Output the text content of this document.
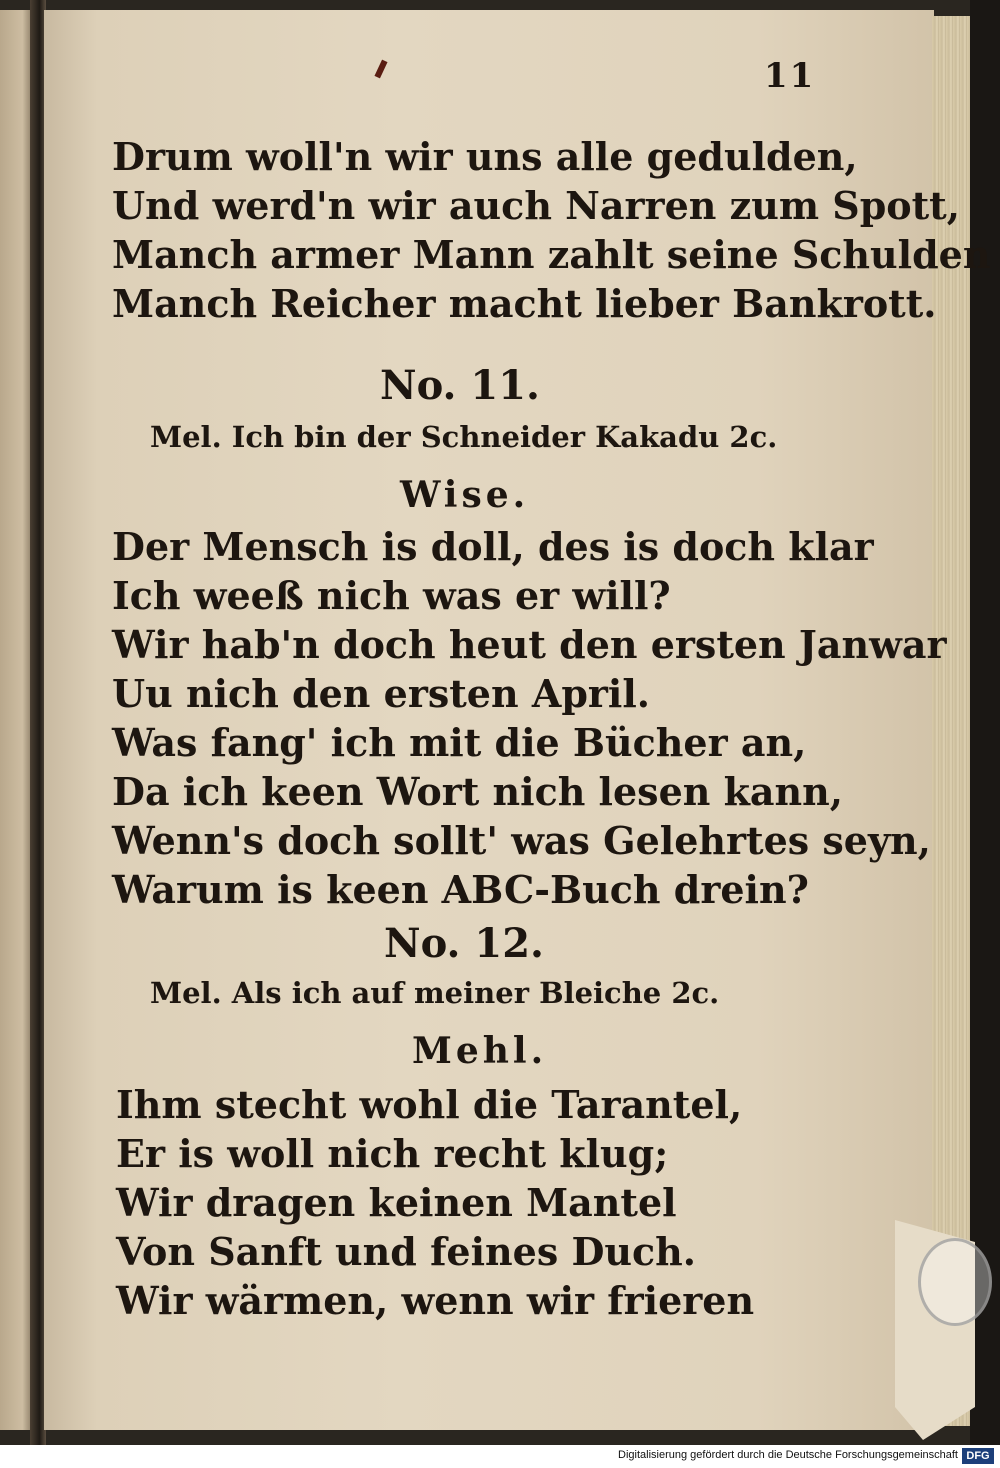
11
Drum woll'n wir uns alle gedulden,
Und werd'n wir auch Narren zum Spott,
Manch armer Mann zahlt seine Schulden
Manch Reicher macht lieber Bankrott.
No. 11.
Mel. Ich bin der Schneider Kakadu 2c.
Wise.
Der Mensch is doll, des is doch klar
Ich weeß nich was er will?
Wir hab'n doch heut den ersten Janwar
Uu nich den ersten April.
Was fang' ich mit die Bücher an,
Da ich keen Wort nich lesen kann,
Wenn's doch sollt' was Gelehrtes seyn,
Warum is keen ABC-Buch drein?
No. 12.
Mel. Als ich auf meiner Bleiche 2c.
Mehl.
Ihm stecht wohl die Tarantel,
Er is woll nich recht klug;
Wir dragen keinen Mantel
Von Sanft und feines Duch.
Wir wärmen, wenn wir frieren
Digitalisierung gefördert durch die Deutsche Forschungsgemeinschaft DFG
